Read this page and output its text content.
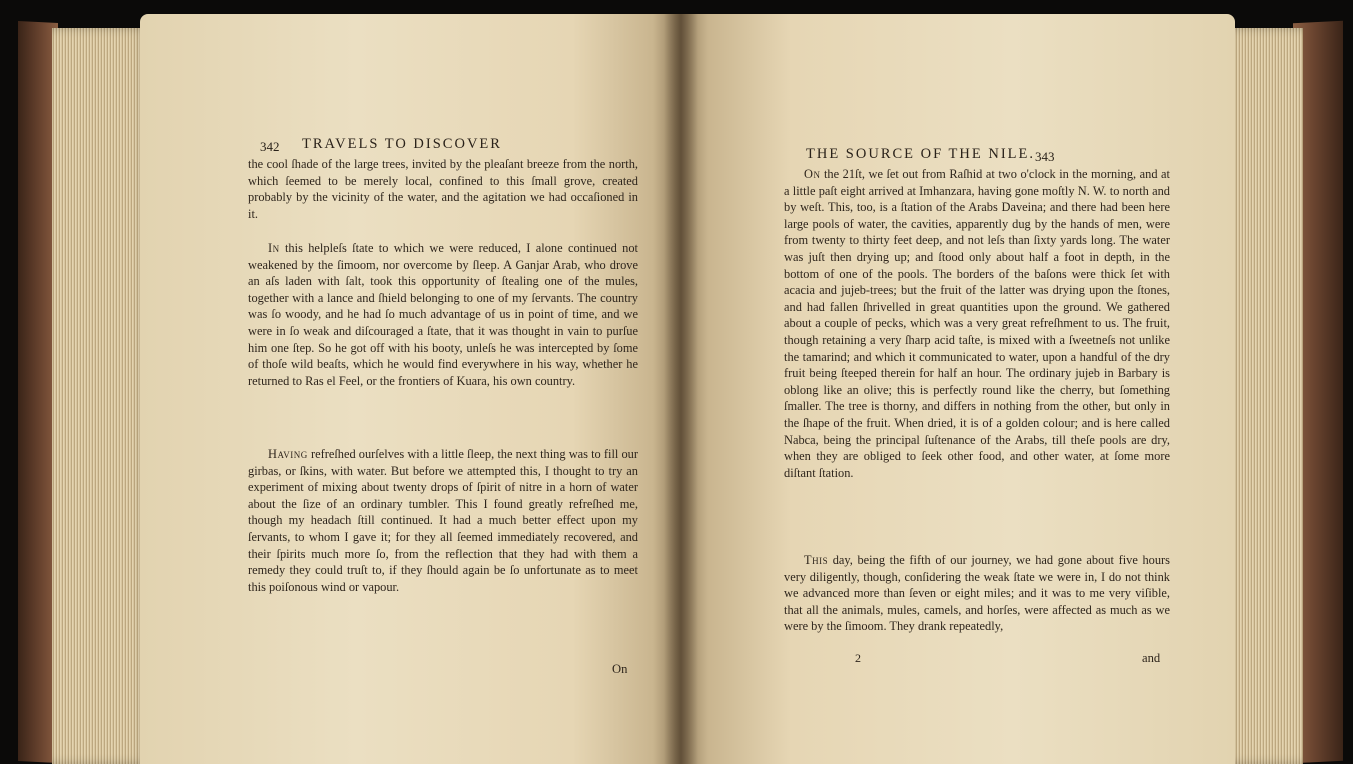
342 TRAVELS TO DISCOVER

the cool ſhade of the large trees, invited by the pleaſant breeze from the north, which ſeemed to be merely local, confined to this ſmall grove, created probably by the vicinity of the water, and the agitation we had occaſioned in it.

In this helpleſs ſtate to which we were reduced, I alone continued not weakened by the ſimoom, nor overcome by ſleep. A Ganjar Arab, who drove an aſs laden with ſalt, took this opportunity of ſtealing one of the mules, together with a lance and ſhield belonging to one of my ſervants. The country was ſo woody, and he had ſo much advantage of us in point of time, and we were in ſo weak and diſcouraged a ſtate, that it was thought in vain to purſue him one ſtep. So he got off with his booty, unleſs he was intercepted by ſome of thoſe wild beaſts, which he would find everywhere in his way, whether he returned to Ras el Feel, or the frontiers of Kuara, his own country.

Having refreſhed ourſelves with a little ſleep, the next thing was to fill our girbas, or ſkins, with water. But before we attempted this, I thought to try an experiment of mixing about twenty drops of ſpirit of nitre in a horn of water about the ſize of an ordinary tumbler. This I found greatly refreſhed me, though my headach ſtill continued. It had a much better effect upon my ſervants, to whom I gave it; for they all ſeemed immediately recovered, and their ſpirits much more ſo, from the reflection that they had with them a remedy they could truſt to, if they ſhould again be ſo unfortunate as to meet this poiſonous wind or vapour.

On
THE SOURCE OF THE NILE. 343

On the 21ſt, we ſet out from Raſhid at two o'clock in the morning, and at a little paſt eight arrived at Imhanzara, having gone moſtly N. W. to north and by weſt. This, too, is a ſtation of the Arabs Daveina; and there had been here large pools of water, the cavities, apparently dug by the hands of men, were from twenty to thirty feet deep, and not leſs than ſixty yards long. The water was juſt then drying up; and ſtood only about half a foot in depth, in the bottom of one of the pools. The borders of the baſons were thick ſet with acacia and jujeb-trees; but the fruit of the latter was drying upon the ſtones, and had fallen ſhrivelled in great quantities upon the ground. We gathered about a couple of pecks, which was a very great refreſhment to us. The fruit, though retaining a very ſharp acid taſte, is mixed with a ſweetneſs not unlike the tamarind; and which it communicated to water, upon a handful of the dry fruit being ſteeped therein for half an hour. The ordinary jujeb in Barbary is oblong like an olive; this is perfectly round like the cherry, but ſomething ſmaller. The tree is thorny, and differs in nothing from the other, but only in the ſhape of the fruit. When dried, it is of a golden colour; and is here called Nabca, being the principal ſuſtenance of the Arabs, till theſe pools are dry, when they are obliged to ſeek other food, and other water, at ſome more diſtant ſtation.

This day, being the fifth of our journey, we had gone about five hours very diligently, though, conſidering the weak ſtate we were in, I do not think we advanced more than ſeven or eight miles; and it was to me very viſible, that all the animals, mules, camels, and horſes, were affected as much as we were by the ſimoom. They drank repeatedly,

2	and
